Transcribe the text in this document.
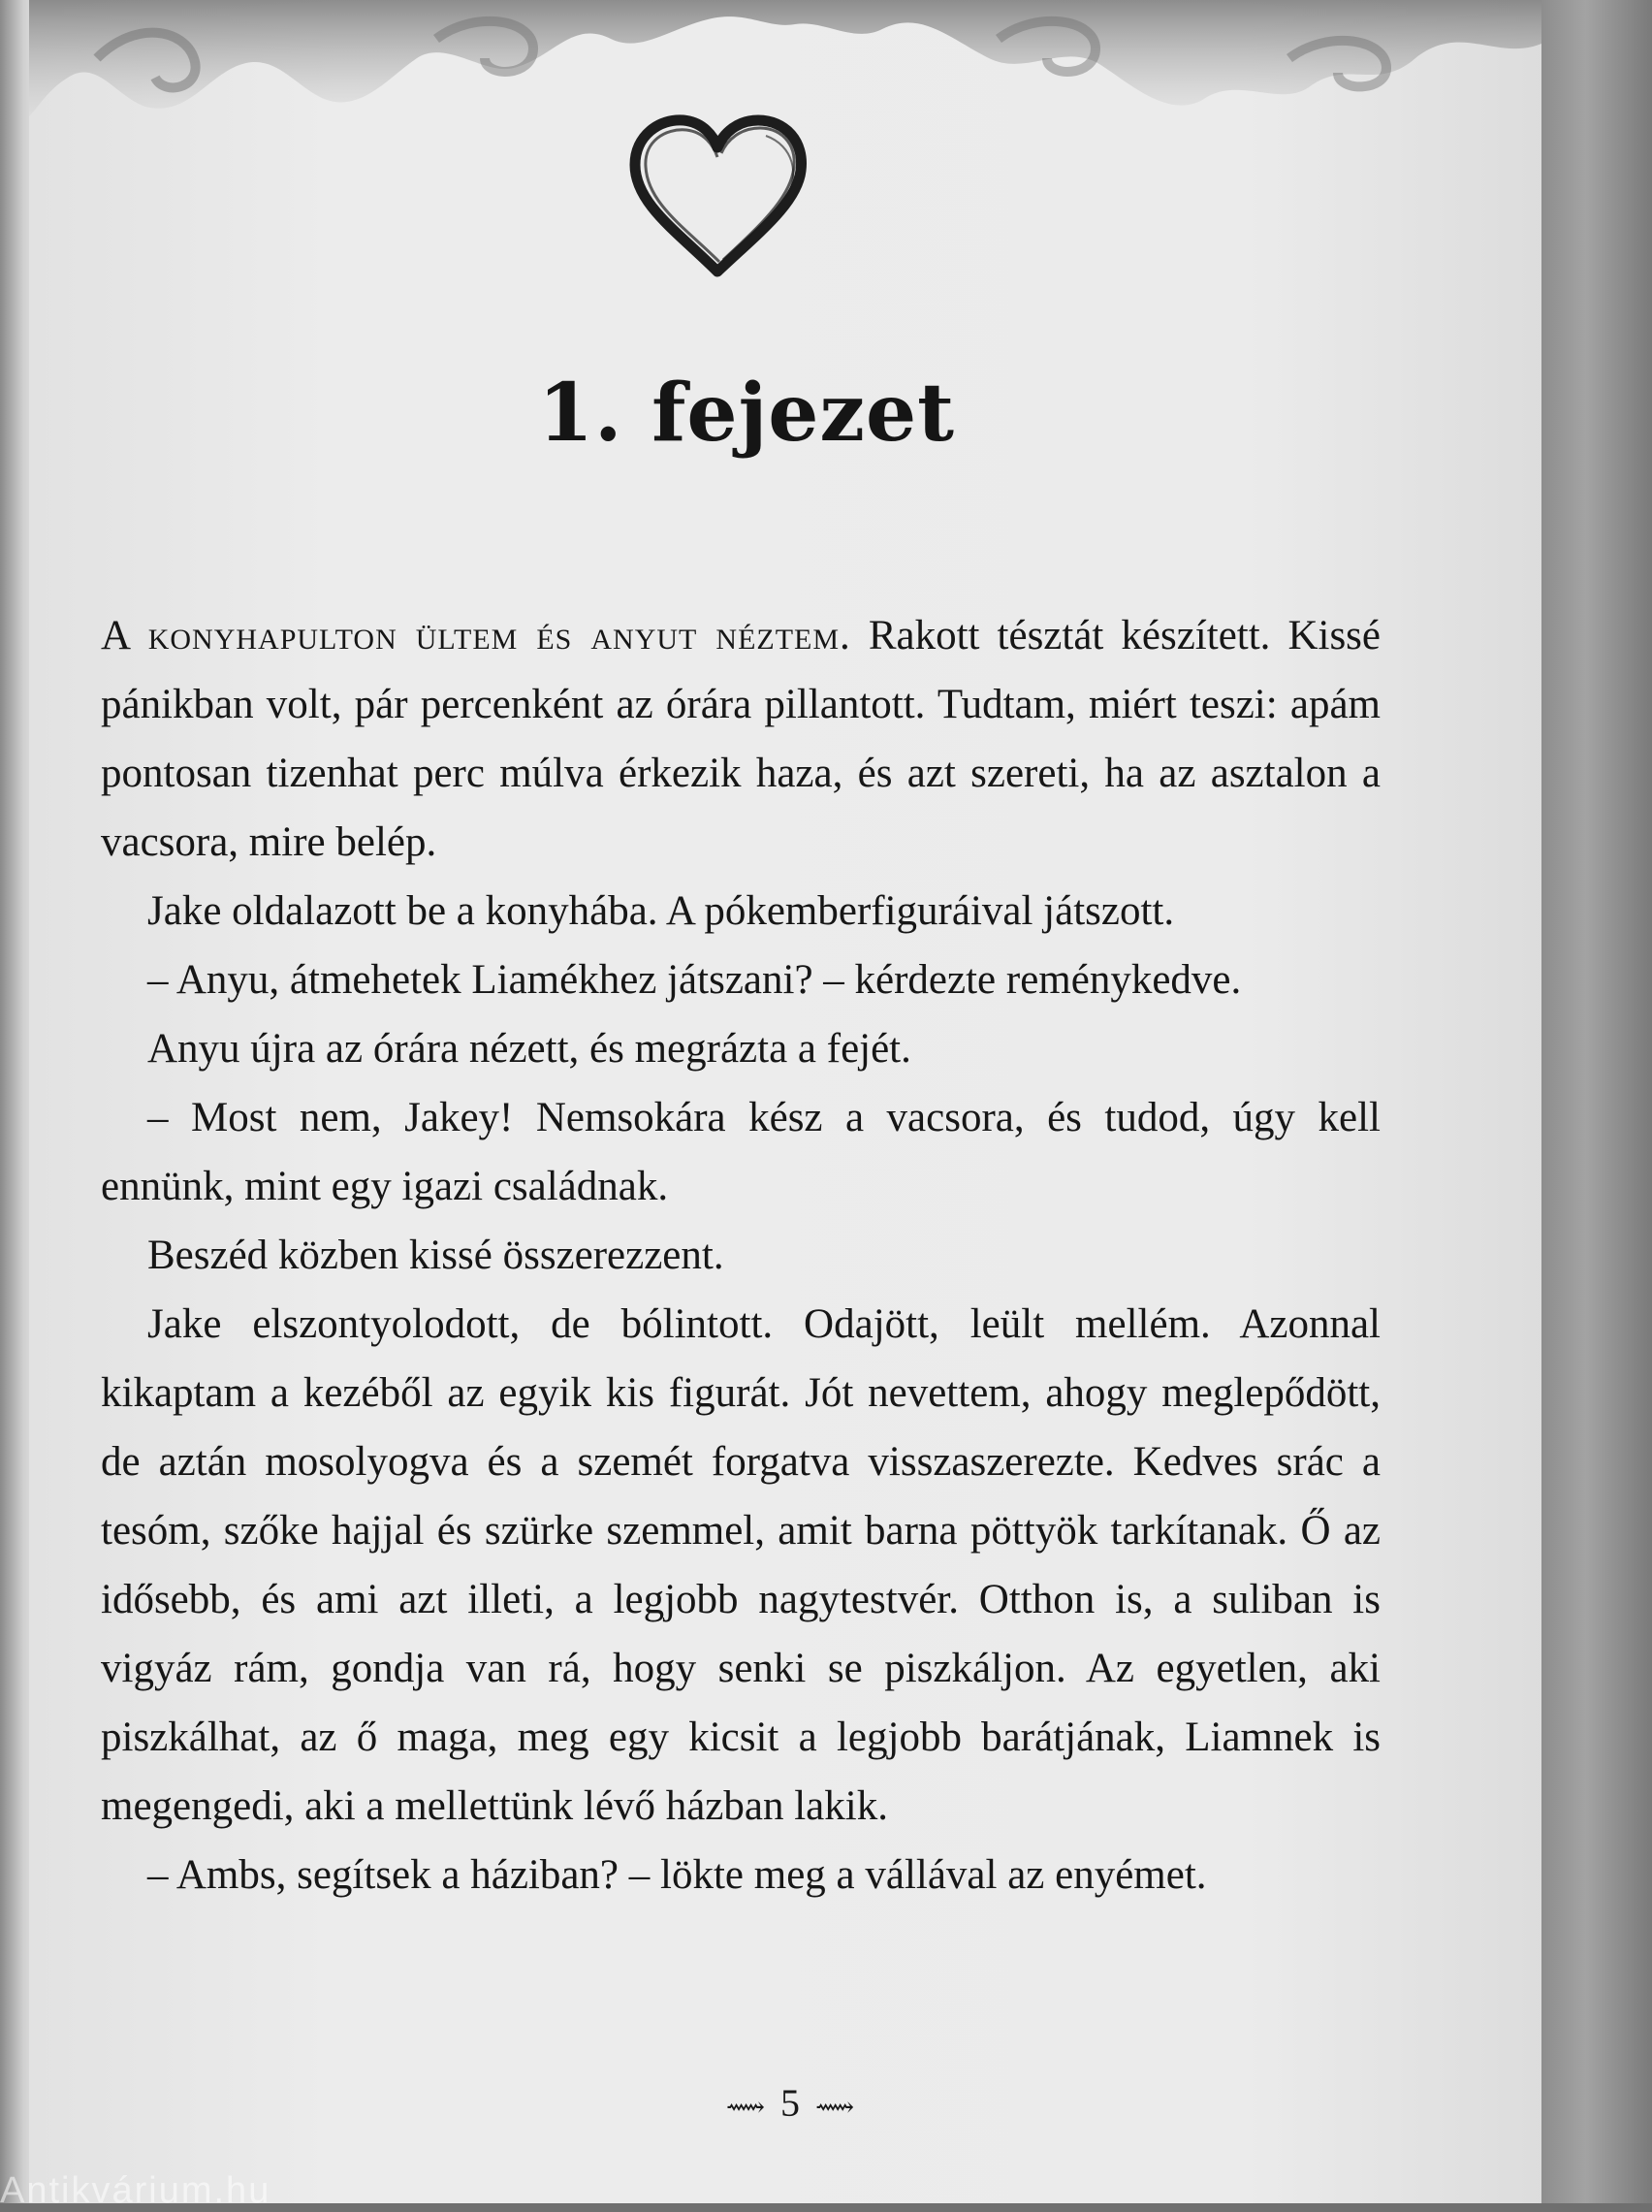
1. fejezet

A konyhapulton ültem és anyut néztem. Rakott tésztát készített. Kissé pánikban volt, pár percenként az órára pillantott. Tudtam, miért teszi: apám pontosan tizenhat perc múlva érkezik haza, és azt szereti, ha az asztalon a vacsora, mire belép.

Jake oldalazott be a konyhába. A pókemberfiguráival játszott.

– Anyu, átmehetek Liamékhez játszani? – kérdezte reménykedve.

Anyu újra az órára nézett, és megrázta a fejét.

– Most nem, Jakey! Nemsokára kész a vacsora, és tudod, úgy kell ennünk, mint egy igazi családnak.

Beszéd közben kissé összerezzent.

Jake elszontyolodott, de bólintott. Odajött, leült mellém. Azonnal kikaptam a kezéből az egyik kis figurát. Jót nevettem, ahogy meglepődött, de aztán mosolyogva és a szemét forgatva visszaszerezte. Kedves srác a tesóm, szőke hajjal és szürke szemmel, amit barna pöttyök tarkítanak. Ő az idősebb, és ami azt illeti, a legjobb nagytestvér. Otthon is, a suliban is vigyáz rám, gondja van rá, hogy senki se piszkáljon. Az egyetlen, aki piszkálhat, az ő maga, meg egy kicsit a legjobb barátjának, Liamnek is megengedi, aki a mellettünk lévő házban lakik.

– Ambs, segítsek a háziban? – lökte meg a vállával az enyémet.

⟿ 5 ⟿
Antikvárium.hu
